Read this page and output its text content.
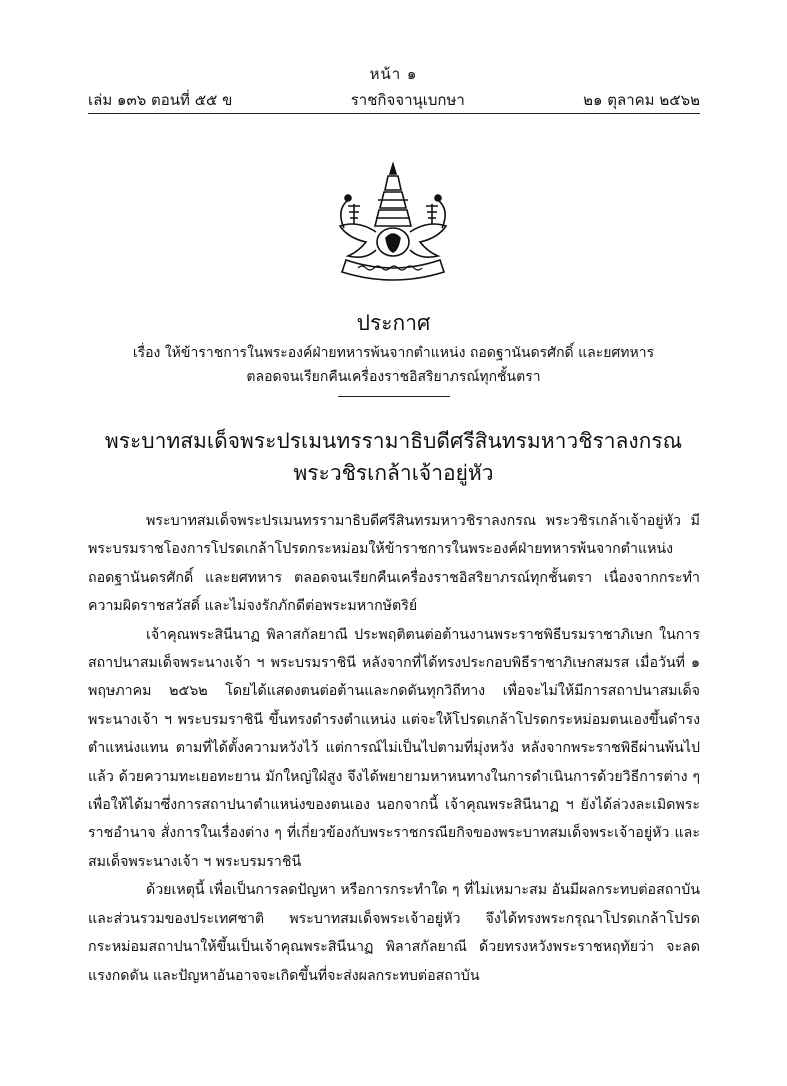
หน้า ๑
เล่ม ๑๓๖ ตอนที่ ๕๕ ข	ราชกิจจานุเบกษา	๒๑ ตุลาคม ๒๕๖๒
ประกาศ
เรื่อง ให้ข้าราชการในพระองค์ฝ่ายทหารพ้นจากตำแหน่ง ถอดฐานันดรศักดิ์ และยศทหาร
ตลอดจนเรียกคืนเครื่องราชอิสริยาภรณ์ทุกชั้นตรา
พระบาทสมเด็จพระปรเมนทรรามาธิบดีศรีสินทรมหาวชิราลงกรณ
พระวชิรเกล้าเจ้าอยู่หัว

พระบาทสมเด็จพระปรเมนทรรามาธิบดีศรีสินทรมหาวชิราลงกรณ พระวชิรเกล้าเจ้าอยู่หัว มีพระบรมราชโองการโปรดเกล้าโปรดกระหม่อมให้ข้าราชการในพระองค์ฝ่ายทหารพ้นจากตำแหน่ง ถอดฐานันดรศักดิ์ และยศทหาร ตลอดจนเรียกคืนเครื่องราชอิสริยาภรณ์ทุกชั้นตรา เนื่องจากกระทำความผิดราชสวัสดิ์ และไม่จงรักภักดีต่อพระมหากษัตริย์

เจ้าคุณพระสินีนาฏ พิลาสกัลยาณี ประพฤติตนต่อต้านงานพระราชพิธีบรมราชาภิเษก ในการสถาปนาสมเด็จพระนางเจ้า ฯ พระบรมราชินี หลังจากที่ได้ทรงประกอบพิธีราชาภิเษกสมรส เมื่อวันที่ ๑ พฤษภาคม ๒๕๖๒ โดยได้แสดงตนต่อต้านและกดดันทุกวิถีทาง เพื่อจะไม่ให้มีการสถาปนาสมเด็จพระนางเจ้า ฯ พระบรมราชินี ขึ้นทรงดำรงตำแหน่ง แต่จะให้โปรดเกล้าโปรดกระหม่อมตนเองขึ้นดำรงตำแหน่งแทน ตามที่ได้ตั้งความหวังไว้ แต่การณ์ไม่เป็นไปตามที่มุ่งหวัง หลังจากพระราชพิธีผ่านพ้นไปแล้ว ด้วยความทะเยอทะยาน มักใหญ่ใฝ่สูง จึงได้พยายามหาหนทางในการดำเนินการด้วยวิธีการต่าง ๆ เพื่อให้ได้มาซึ่งการสถาปนาตำแหน่งของตนเอง นอกจากนี้ เจ้าคุณพระสินีนาฏ ฯ ยังได้ล่วงละเมิดพระราชอำนาจ สั่งการในเรื่องต่าง ๆ ที่เกี่ยวข้องกับพระราชกรณียกิจของพระบาทสมเด็จพระเจ้าอยู่หัว และสมเด็จพระนางเจ้า ฯ พระบรมราชินี

ด้วยเหตุนี้ เพื่อเป็นการลดปัญหา หรือการกระทำใด ๆ ที่ไม่เหมาะสม อันมีผลกระทบต่อสถาบันและส่วนรวมของประเทศชาติ พระบาทสมเด็จพระเจ้าอยู่หัว จึงได้ทรงพระกรุณาโปรดเกล้าโปรดกระหม่อมสถาปนาให้ขึ้นเป็นเจ้าคุณพระสินีนาฏ พิลาสกัลยาณี ด้วยทรงหวังพระราชหฤทัยว่า จะลดแรงกดดัน และปัญหาอันอาจจะเกิดขึ้นที่จะส่งผลกระทบต่อสถาบัน
